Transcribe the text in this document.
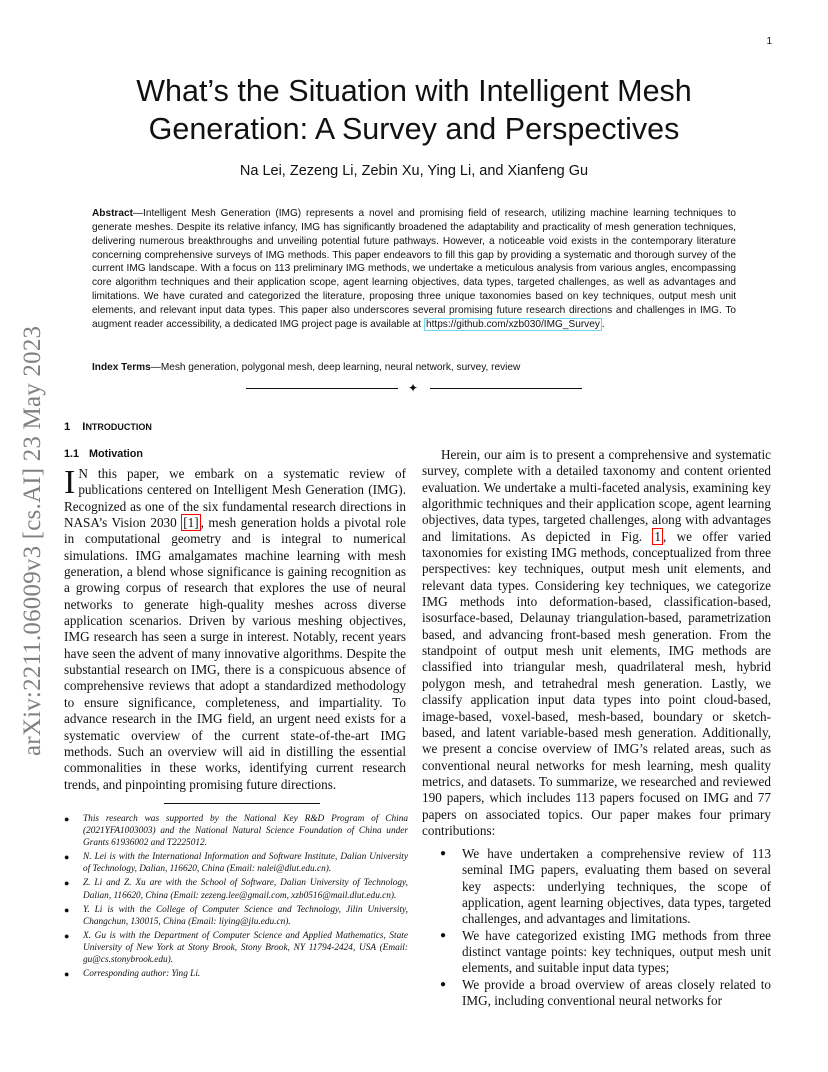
1
arXiv:2211.06009v3 [cs.AI] 23 May 2023
What’s the Situation with Intelligent Mesh Generation: A Survey and Perspectives
Na Lei, Zezeng Li, Zebin Xu, Ying Li, and Xianfeng Gu

Abstract—Intelligent Mesh Generation (IMG) represents a novel and promising field of research, utilizing machine learning techniques to generate meshes. Despite its relative infancy, IMG has significantly broadened the adaptability and practicality of mesh generation techniques, delivering numerous breakthroughs and unveiling potential future pathways. However, a noticeable void exists in the contemporary literature concerning comprehensive surveys of IMG methods. This paper endeavors to fill this gap by providing a systematic and thorough survey of the current IMG landscape. With a focus on 113 preliminary IMG methods, we undertake a meticulous analysis from various angles, encompassing core algorithm techniques and their application scope, agent learning objectives, data types, targeted challenges, as well as advantages and limitations. We have curated and categorized the literature, proposing three unique taxonomies based on key techniques, output mesh unit elements, and relevant input data types. This paper also underscores several promising future research directions and challenges in IMG. To augment reader accessibility, a dedicated IMG project page is available at https://github.com/xzb030/IMG_Survey .

Index Terms—Mesh generation, polygonal mesh, deep learning, neural network, survey, review

✦
1 INTRODUCTION
1.1 Motivation

I N this paper, we embark on a systematic review of publications centered on Intelligent Mesh Generation (IMG). Recognized as one of the six fundamental research directions in NASA’s Vision 2030 [1] , mesh generation holds a pivotal role in computational geometry and is integral to numerical simulations. IMG amalgamates machine learning with mesh generation, a blend whose significance is gaining recognition as a growing corpus of research that explores the use of neural networks to generate high-quality meshes across diverse application scenarios. Driven by various meshing objectives, IMG research has seen a surge in interest. Notably, recent years have seen the advent of many innovative algorithms. Despite the substantial research on IMG, there is a conspicuous absence of comprehensive reviews that adopt a standardized methodology to ensure significance, completeness, and impartiality. To advance research in the IMG field, an urgent need exists for a systematic overview of the current state-of-the-art IMG methods. Such an overview will aid in distilling the essential commonalities in these works, identifying current research trends, and pinpointing promising future directions.

● This research was supported by the National Key R&D Program of China (2021YFA1003003) and the National Natural Science Foundation of China under Grants 61936002 and T2225012.
● N. Lei is with the International Information and Software Institute, Dalian University of Technology, Dalian, 116620, China (Email: nalei@dlut.edu.cn).
● Z. Li and Z. Xu are with the School of Software, Dalian University of Technology, Dalian, 116620, China (Email: zezeng.lee@gmail.com, xzb0516@mail.dlut.edu.cn).
● Y. Li is with the College of Computer Science and Technology, Jilin University, Changchun, 130015, China (Email: liying@jlu.edu.cn).
● X. Gu is with the Department of Computer Science and Applied Mathematics, State University of New York at Stony Brook, Stony Brook, NY 11794-2424, USA (Email: gu@cs.stonybrook.edu).
● Corresponding author: Ying Li.

Herein, our aim is to present a comprehensive and systematic survey, complete with a detailed taxonomy and content oriented evaluation. We undertake a multi-faceted analysis, examining key algorithmic techniques and their application scope, agent learning objectives, data types, targeted challenges, along with advantages and limitations. As depicted in Fig. 1 , we offer varied taxonomies for existing IMG methods, conceptualized from three perspectives: key techniques, output mesh unit elements, and relevant data types. Considering key techniques, we categorize IMG methods into deformation-based, classification-based, isosurface-based, Delaunay triangulation-based, parametrization based, and advancing front-based mesh generation. From the standpoint of output mesh unit elements, IMG methods are classified into triangular mesh, quadrilateral mesh, hybrid polygon mesh, and tetrahedral mesh generation. Lastly, we classify application input data types into point cloud-based, image-based, voxel-based, mesh-based, boundary or sketch-based, and latent variable-based mesh generation. Additionally, we present a concise overview of IMG’s related areas, such as conventional neural networks for mesh learning, mesh quality metrics, and datasets. To summarize, we researched and reviewed 190 papers, which includes 113 papers focused on IMG and 77 papers on associated topics. Our paper makes four primary contributions:

● We have undertaken a comprehensive review of 113 seminal IMG papers, evaluating them based on several key aspects: underlying techniques, the scope of application, agent learning objectives, data types, targeted challenges, and advantages and limitations.
● We have categorized existing IMG methods from three distinct vantage points: key techniques, output mesh unit elements, and suitable input data types;
● We provide a broad overview of areas closely related to IMG, including conventional neural networks for
